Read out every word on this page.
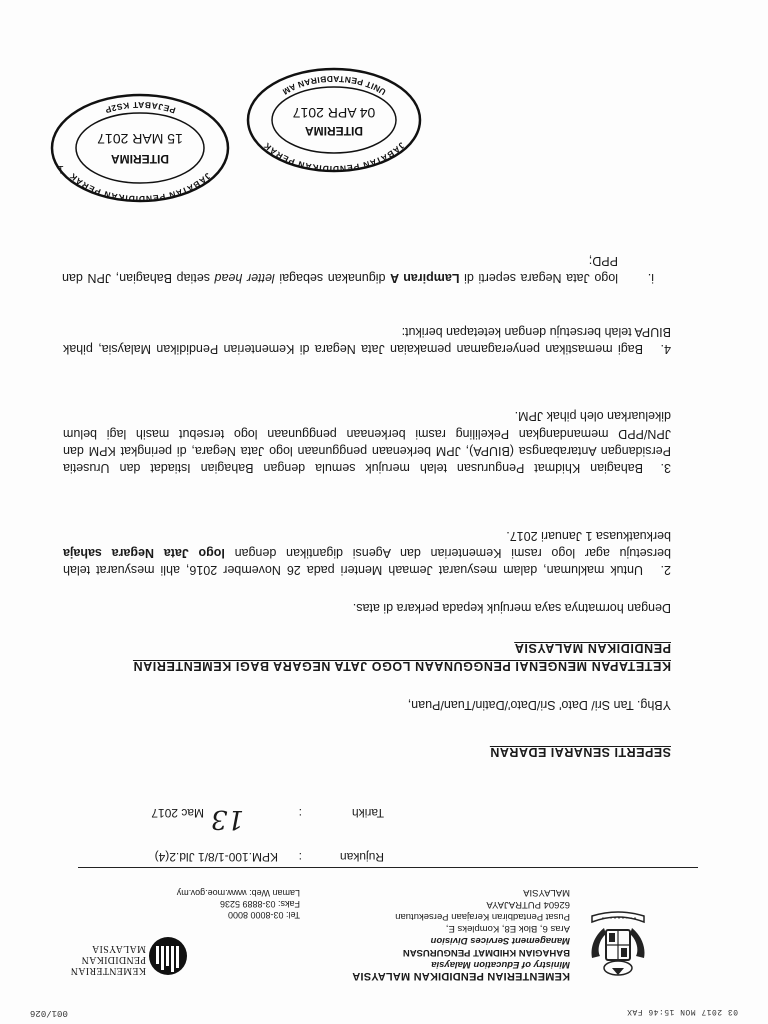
03 2017 MON 15:46 FAX
001/026
KEMENTERIAN PENDIDIKAN MALAYSIA
Ministry of Education Malaysia
BAHAGIAN KHIDMAT PENGURUSAN
Management Services Division
Aras 6, Blok E8, Kompleks E,
Pusat Pentadbiran Kerajaan Persekutuan
62604 PUTRAJAYA
MALAYSIA
Tel: 03-8000 8000
Faks: 03-8889 5236
Laman Web: www.moe.gov.my
KEMENTERIAN
PENDIDIKAN
MALAYSIA
Rujukan
:
KPM.100-1/8/1 Jld.2(4)
Tarikh
:
13
Mac 2017
SEPERTI SENARAI EDARAN
YBhg. Tan Sri/ Dato' Sri/Dato'/Datin/Tuan/Puan,
KETETAPAN MENGENAI PENGGUNAAN LOGO JATA NEGARA BAGI KEMENTERIAN PENDIDIKAN MALAYSIA
Dengan hormatnya saya merujuk kepada perkara di atas.
2.Untuk makluman, dalam mesyuarat Jemaah Menteri pada 26 November 2016, ahli mesyuarat telah bersetuju agar logo rasmi Kementerian dan Agensi digantikan dengan logo Jata Negara sahaja berkuatkuasa 1 Januari 2017.
3.Bahagian Khidmat Pengurusan telah merujuk semula dengan Bahagian Istiadat dan Urusetia Persidangan Antarabangsa (BIUPA), JPM berkenaan penggunaan logo Jata Negara, di peringkat KPM dan JPN/PPD memandangkan Pekeliling rasmi berkenaan penggunaan logo tersebut masih lagi belum dikeluarkan oleh pihak JPM.
4.Bagi memastikan penyeragaman pemakaian Jata Negara di Kementerian Pendidikan Malaysia, pihak BIUPA telah bersetuju dengan ketetapan berikut:
i.
logo Jata Negara seperti di Lampiran A digunakan sebagai letter head setiap Bahagian, JPN dan PPD;
1
JABATAN PENDIDIKAN PERAK
UNIT PENTADBIRAN AM
DITERIMA
04 APR 2017
JABATAN PENDIDIKAN PERAK
PEJABAT KS2P
DITERIMA
15 MAR 2017
